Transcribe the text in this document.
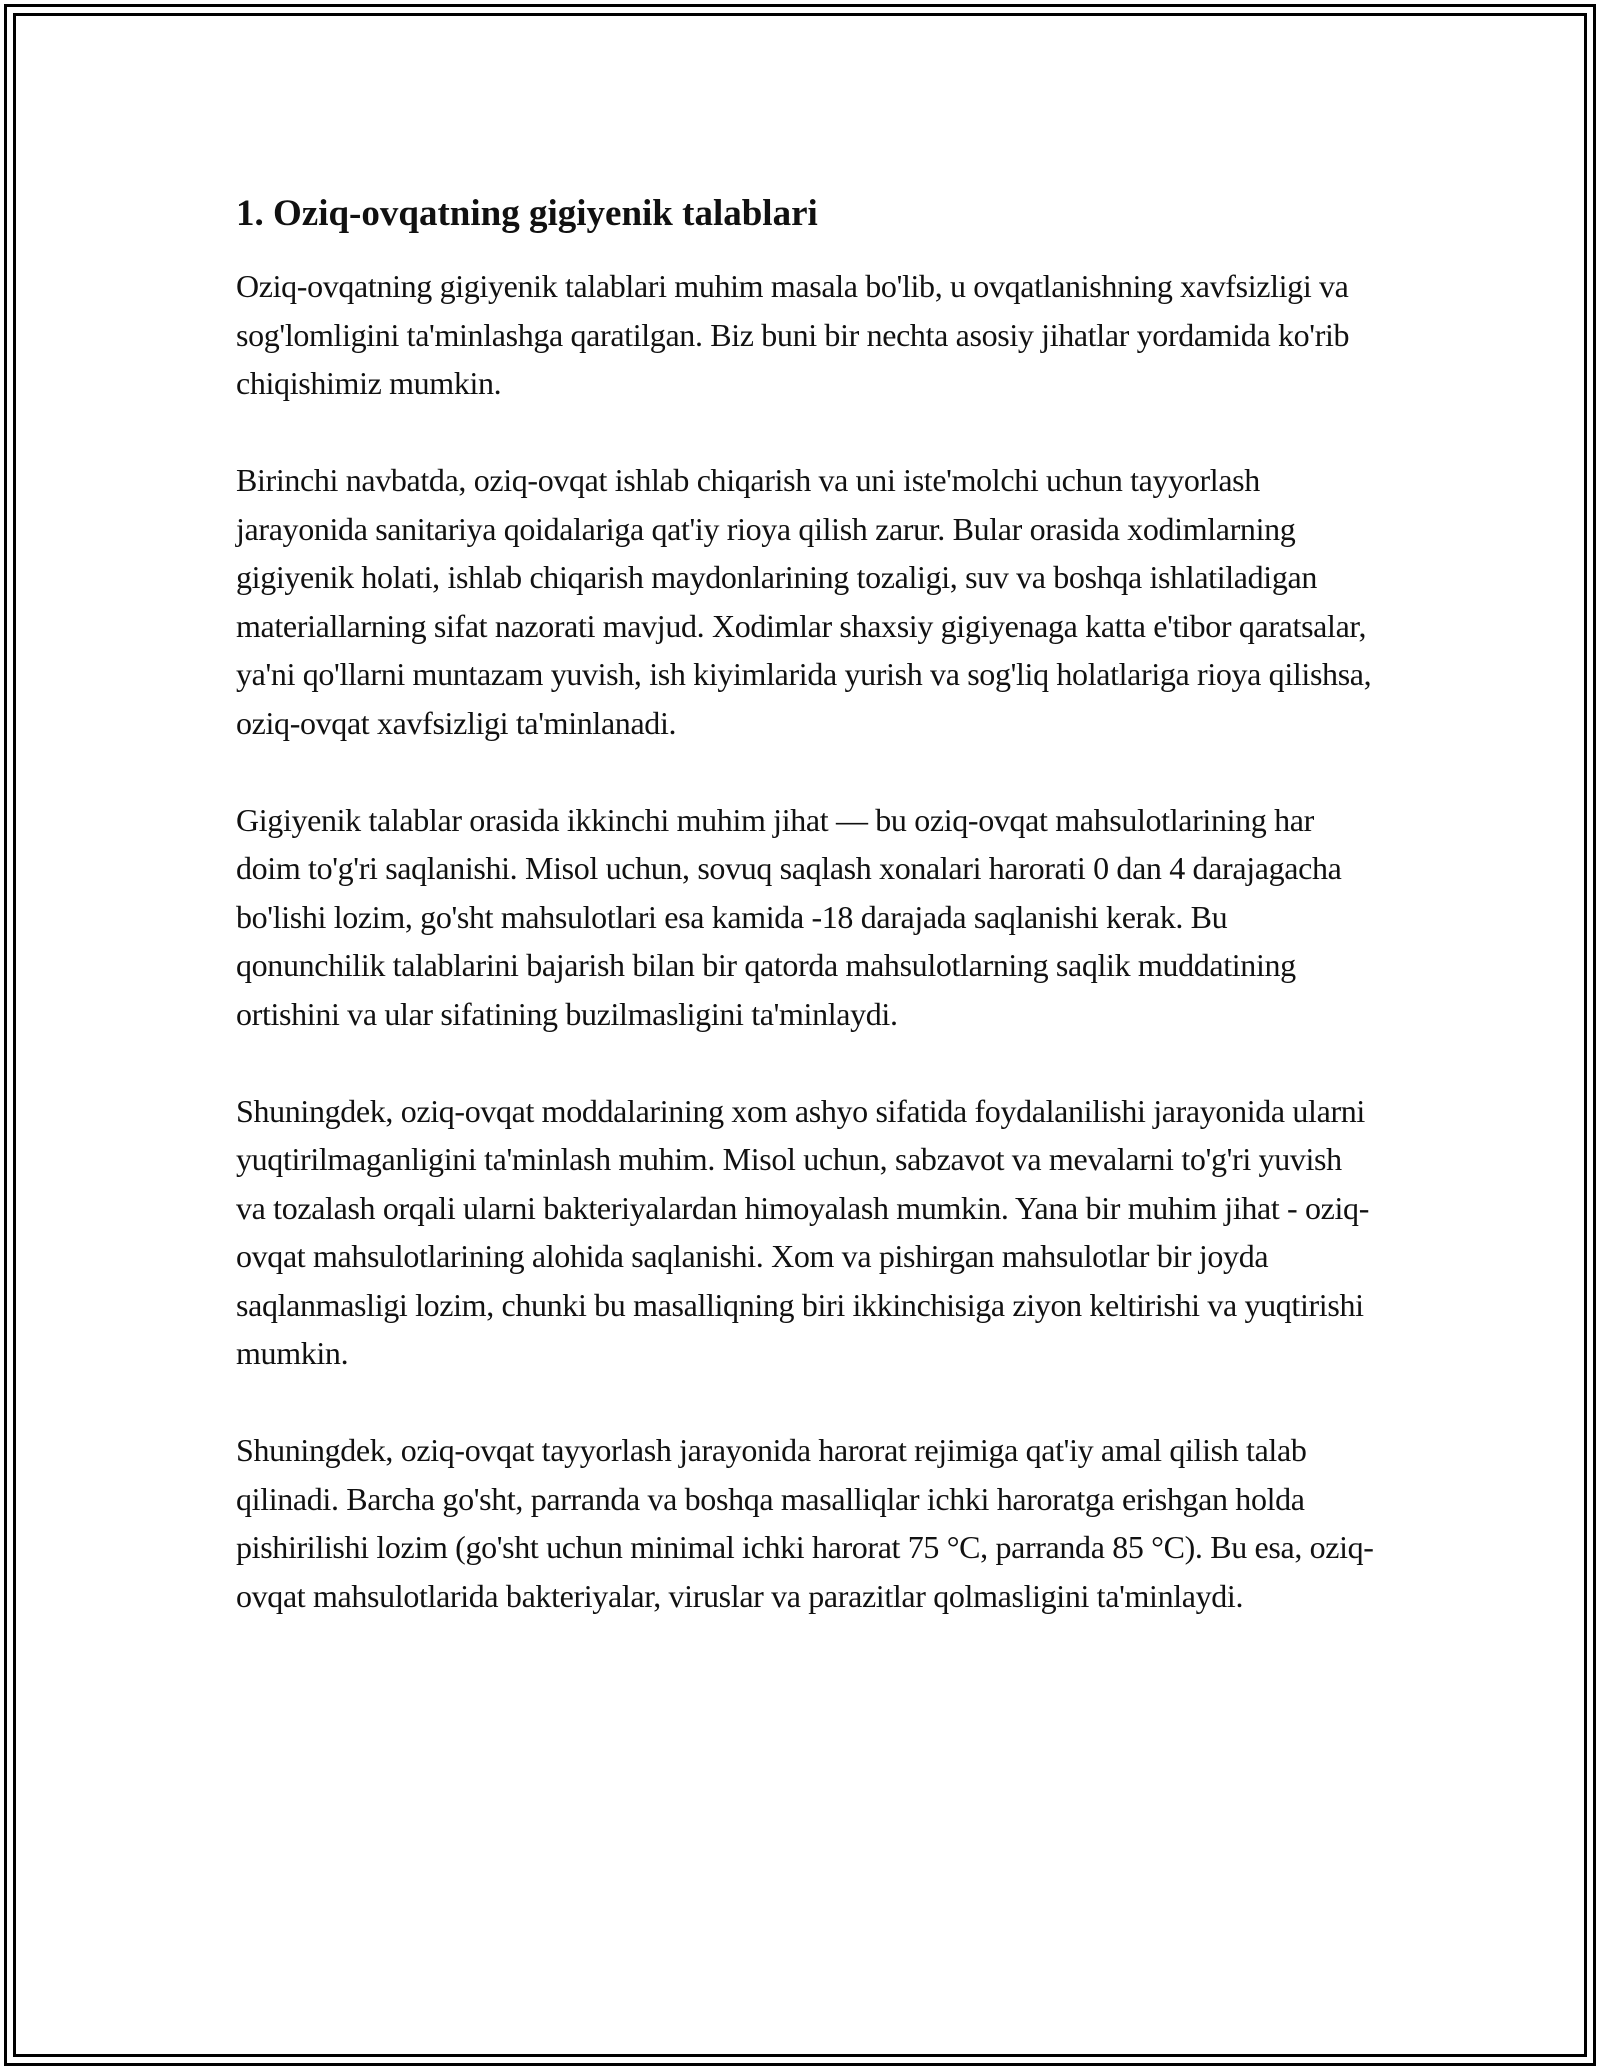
1. Oziq-ovqatning gigiyenik talablari

Oziq-ovqatning gigiyenik talablari muhim masala bo'lib, u ovqatlanishning xavfsizligi va sog'lomligini ta'minlashga qaratilgan. Biz buni bir nechta asosiy jihatlar yordamida ko'rib chiqishimiz mumkin.

Birinchi navbatda, oziq-ovqat ishlab chiqarish va uni iste'molchi uchun tayyorlash jarayonida sanitariya qoidalariga qat'iy rioya qilish zarur. Bular orasida xodimlarning gigiyenik holati, ishlab chiqarish maydonlarining tozaligi, suv va boshqa ishlatiladigan materiallarning sifat nazorati mavjud. Xodimlar shaxsiy gigiyenaga katta e'tibor qaratsalar, ya'ni qo'llarni muntazam yuvish, ish kiyimlarida yurish va sog'liq holatlariga rioya qilishsa, oziq-ovqat xavfsizligi ta'minlanadi.

Gigiyenik talablar orasida ikkinchi muhim jihat — bu oziq-ovqat mahsulotlarining har doim to'g'ri saqlanishi. Misol uchun, sovuq saqlash xonalari harorati 0 dan 4 darajagacha bo'lishi lozim, go'sht mahsulotlari esa kamida -18 darajada saqlanishi kerak. Bu qonunchilik talablarini bajarish bilan bir qatorda mahsulotlarning saqlik muddatining ortishini va ular sifatining buzilmasligini ta'minlaydi.

Shuningdek, oziq-ovqat moddalarining xom ashyo sifatida foydalanilishi jarayonida ularni yuqtirilmaganligini ta'minlash muhim. Misol uchun, sabzavot va mevalarni to'g'ri yuvish va tozalash orqali ularni bakteriyalardan himoyalash mumkin. Yana bir muhim jihat - oziq-ovqat mahsulotlarining alohida saqlanishi. Xom va pishirgan mahsulotlar bir joyda saqlanmasligi lozim, chunki bu masalliqning biri ikkinchisiga ziyon keltirishi va yuqtirishi mumkin.

Shuningdek, oziq-ovqat tayyorlash jarayonida harorat rejimiga qat'iy amal qilish talab qilinadi. Barcha go'sht, parranda va boshqa masalliqlar ichki haroratga erishgan holda pishirilishi lozim (go'sht uchun minimal ichki harorat 75 °C, parranda 85 °C). Bu esa, oziq-ovqat mahsulotlarida bakteriyalar, viruslar va parazitlar qolmasligini ta'minlaydi.
